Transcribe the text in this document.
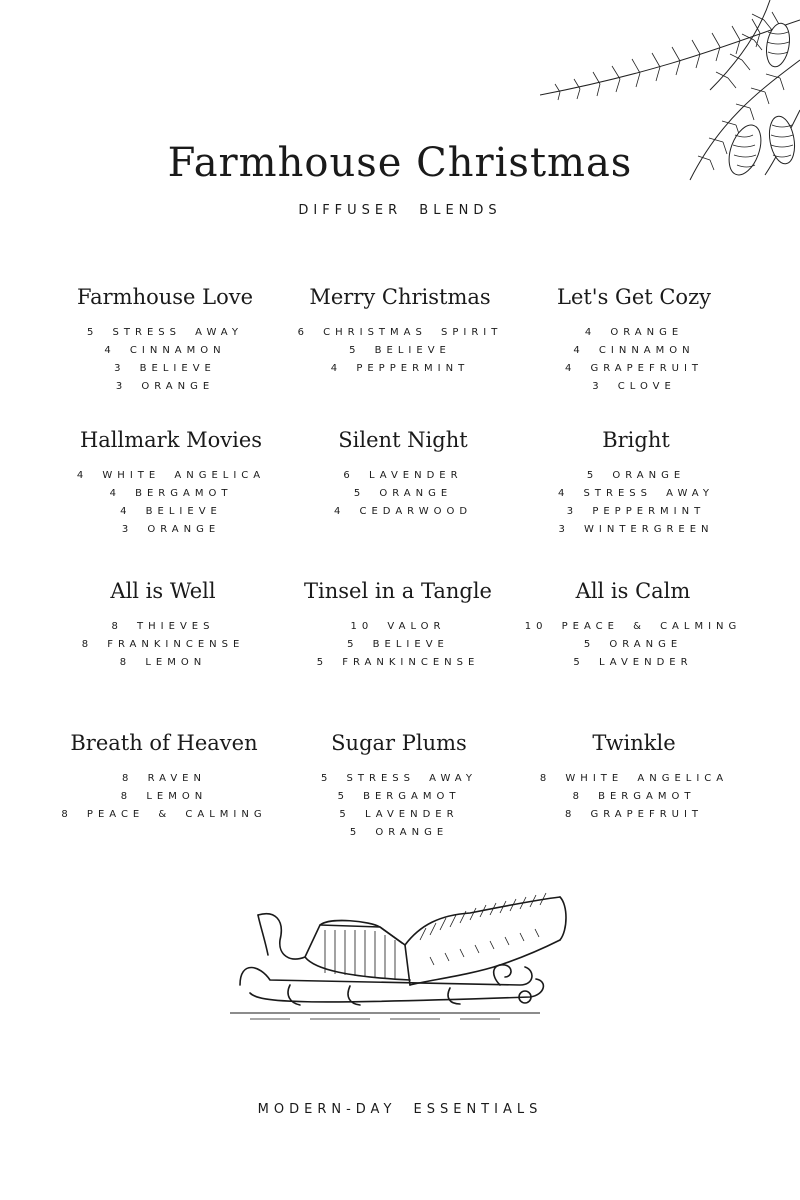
Farmhouse Christmas
DIFFUSER BLENDS
Farmhouse Love
5 STRESS AWAY
4 CINNAMON
3 BELIEVE
3 ORANGE
Merry Christmas
6 CHRISTMAS SPIRIT
5 BELIEVE
4 PEPPERMINT
Let's Get Cozy
4 ORANGE
4 CINNAMON
4 GRAPEFRUIT
3 CLOVE
Hallmark Movies
4 WHITE ANGELICA
4 BERGAMOT
4 BELIEVE
3 ORANGE
Silent Night
6 LAVENDER
5 ORANGE
4 CEDARWOOD
Bright
5 ORANGE
4 STRESS AWAY
3 PEPPERMINT
3 WINTERGREEN
All is Well
8 THIEVES
8 FRANKINCENSE
8 LEMON
Tinsel in a Tangle
10 VALOR
5 BELIEVE
5 FRANKINCENSE
All is Calm
10 PEACE & CALMING
5 ORANGE
5 LAVENDER
Breath of Heaven
8 RAVEN
8 LEMON
8 PEACE & CALMING
Sugar Plums
5 STRESS AWAY
5 BERGAMOT
5 LAVENDER
5 ORANGE
Twinkle
8 WHITE ANGELICA
8 BERGAMOT
8 GRAPEFRUIT
MODERN-DAY ESSENTIALS
